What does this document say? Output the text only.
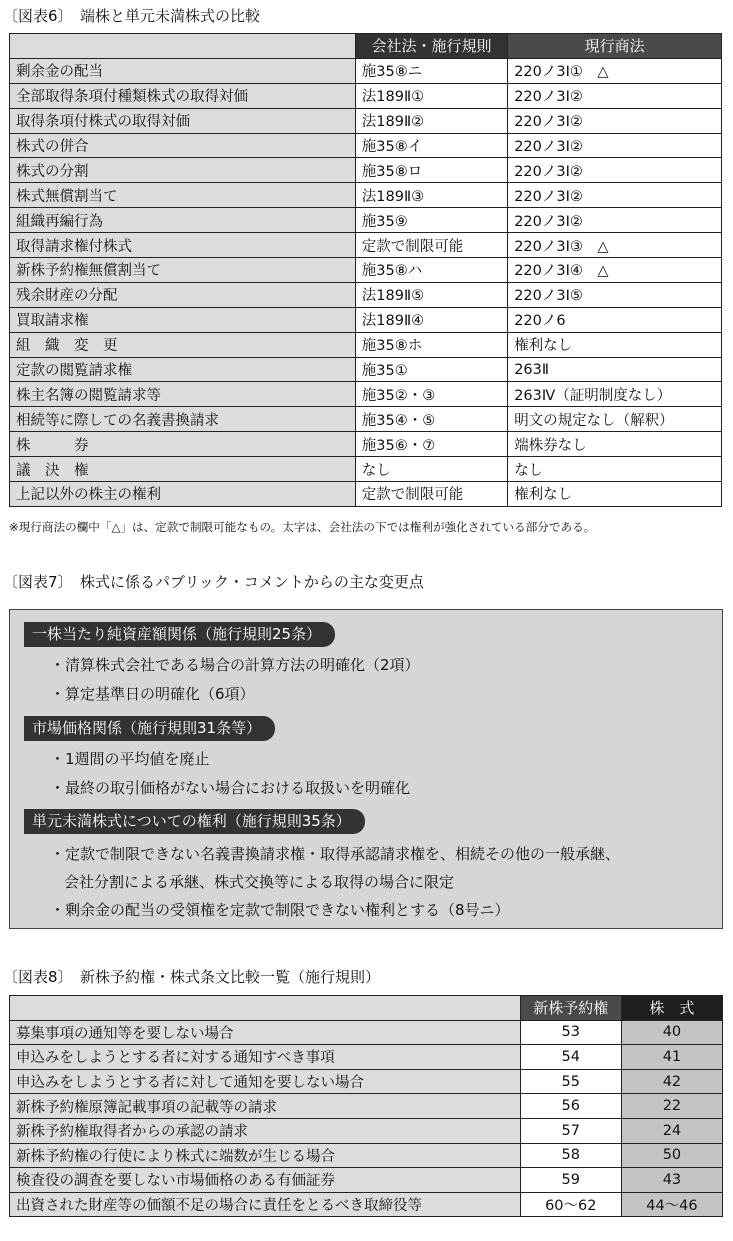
〔図表6〕　端株と単元未満株式の比較
	会社法・施行規則	現行商法
剰余金の配当	施35⑧ニ	220ノ3Ⅰ①　△
全部取得条項付種類株式の取得対価	法189Ⅱ①	220ノ3Ⅰ②
取得条項付株式の取得対価	法189Ⅱ②	220ノ3Ⅰ②
株式の併合	施35⑧イ	220ノ3Ⅰ②
株式の分割	施35⑧ロ	220ノ3Ⅰ②
株式無償割当て	法189Ⅱ③	220ノ3Ⅰ②
組織再編行為	施35⑨	220ノ3Ⅰ②
取得請求権付株式	定款で制限可能	220ノ3Ⅰ③　△
新株予約権無償割当て	施35⑧ハ	220ノ3Ⅰ④　△
残余財産の分配	法189Ⅱ⑤	220ノ3Ⅰ⑤
買取請求権	法189Ⅱ④	220ノ6
組　織　変　更	施35⑧ホ	権利なし
定款の閲覧請求権	施35①	263Ⅱ
株主名簿の閲覧請求等	施35②・③	263Ⅳ（証明制度なし）
相続等に際しての名義書換請求	施35④・⑤	明文の規定なし（解釈）
株　　　券	施35⑥・⑦	端株券なし
議　決　権	なし	なし
上記以外の株主の権利	定款で制限可能	権利なし
※現行商法の欄中「△」は、定款で制限可能なもの。太字は、会社法の下では権利が強化されている部分である。
〔図表7〕　株式に係るパブリック・コメントからの主な変更点
一株当たり純資産額関係（施行規則25条）
・清算株式会社である場合の計算方法の明確化（2項）
・算定基準日の明確化（6項）
市場価格関係（施行規則31条等）
・1週間の平均値を廃止
・最終の取引価格がない場合における取扱いを明確化
単元未満株式についての権利（施行規則35条）
・定款で制限できない名義書換請求権・取得承認請求権を、相続その他の一般承継、
会社分割による承継、株式交換等による取得の場合に限定
・剰余金の配当の受領権を定款で制限できない権利とする（8号ニ）
〔図表8〕　新株予約権・株式条文比較一覧（施行規則）
	新株予約権	株　式
募集事項の通知等を要しない場合	53	40
申込みをしようとする者に対する通知すべき事項	54	41
申込みをしようとする者に対して通知を要しない場合	55	42
新株予約権原簿記載事項の記載等の請求	56	22
新株予約権取得者からの承認の請求	57	24
新株予約権の行使により株式に端数が生じる場合	58	50
検査役の調査を要しない市場価格のある有価証券	59	43
出資された財産等の価額不足の場合に責任をとるべき取締役等	60～62	44～46
